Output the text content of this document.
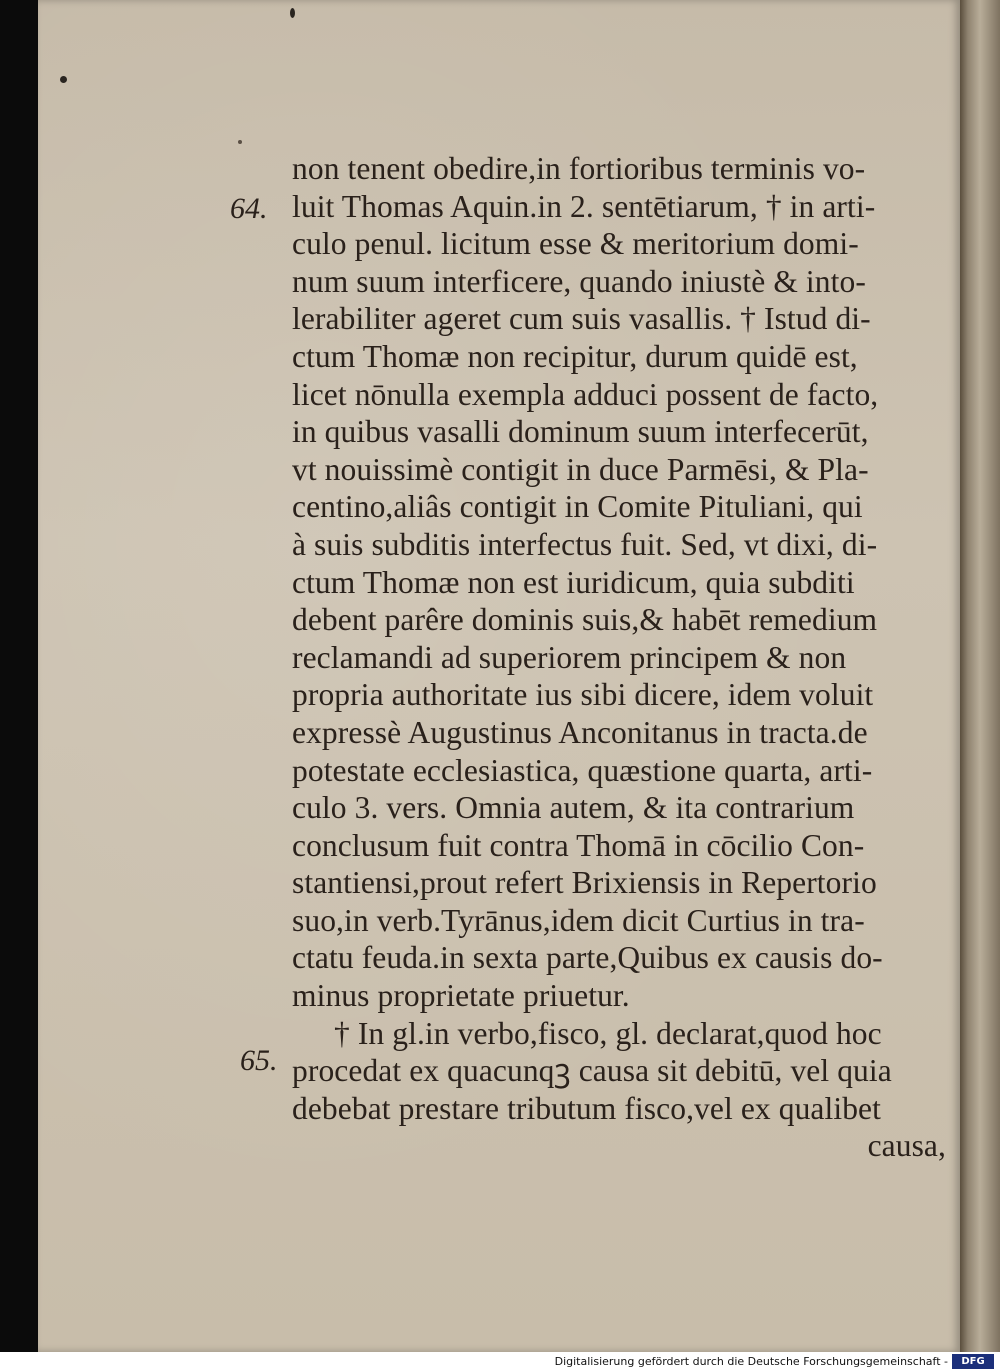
64.
65.
non tenent obedire,in fortioribus terminis vo-
luit Thomas Aquin.in 2. sentētiarum, † in arti-
culo penul. licitum esse & meritorium domi-
num suum interficere, quando iniustè & into-
lerabiliter ageret cum suis vasallis. † Istud di-
ctum Thomæ non recipitur, durum quidē est,
licet nōnulla exempla adduci possent de facto,
in quibus vasalli dominum suum interfecerūt,
vt nouissimè contigit in duce Parmēsi, & Pla-
centino,aliâs contigit in Comite Pituliani, qui
à suis subditis interfectus fuit. Sed, vt dixi, di-
ctum Thomæ non est iuridicum, quia subditi
debent parêre dominis suis,& habēt remedium
reclamandi ad superiorem principem & non
propria authoritate ius sibi dicere, idem voluit
expressè Augustinus Anconitanus in tracta.de
potestate ecclesiastica, quæstione quarta, arti-
culo 3. vers. Omnia autem, & ita contrarium
conclusum fuit contra Thomā in cōcilio Con-
stantiensi,prout refert Brixiensis in Repertorio
suo,in verb.Tyrānus,idem dicit Curtius in tra-
ctatu feuda.in sexta parte,Quibus ex causis do-
minus proprietate priuetur.
† In gl.in verbo,fisco, gl. declarat,quod hoc
procedat ex quacunqꝫ causa sit debitū, vel quia
debebat prestare tributum fisco,vel ex qualibet
causa,
Digitalisierung gefördert durch die Deutsche Forschungsgemeinschaft -	DFG
